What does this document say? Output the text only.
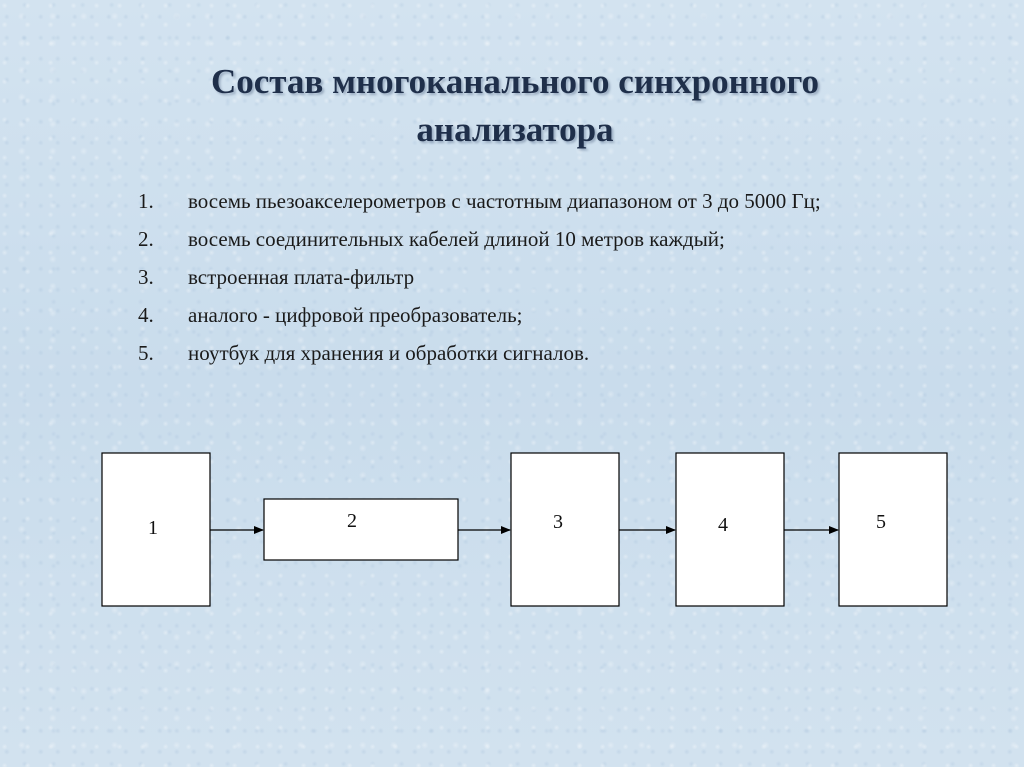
Состав многоканального синхронного
анализатора
1. восемь пьезоакселерометров с частотным диапазоном от 3 до 5000 Гц;
2. восемь соединительных кабелей длиной 10 метров каждый;
3. встроенная плата-фильтр
4. аналого - цифровой преобразователь;
5. ноутбук для хранения и обработки сигналов.
1	2	3	4	5
